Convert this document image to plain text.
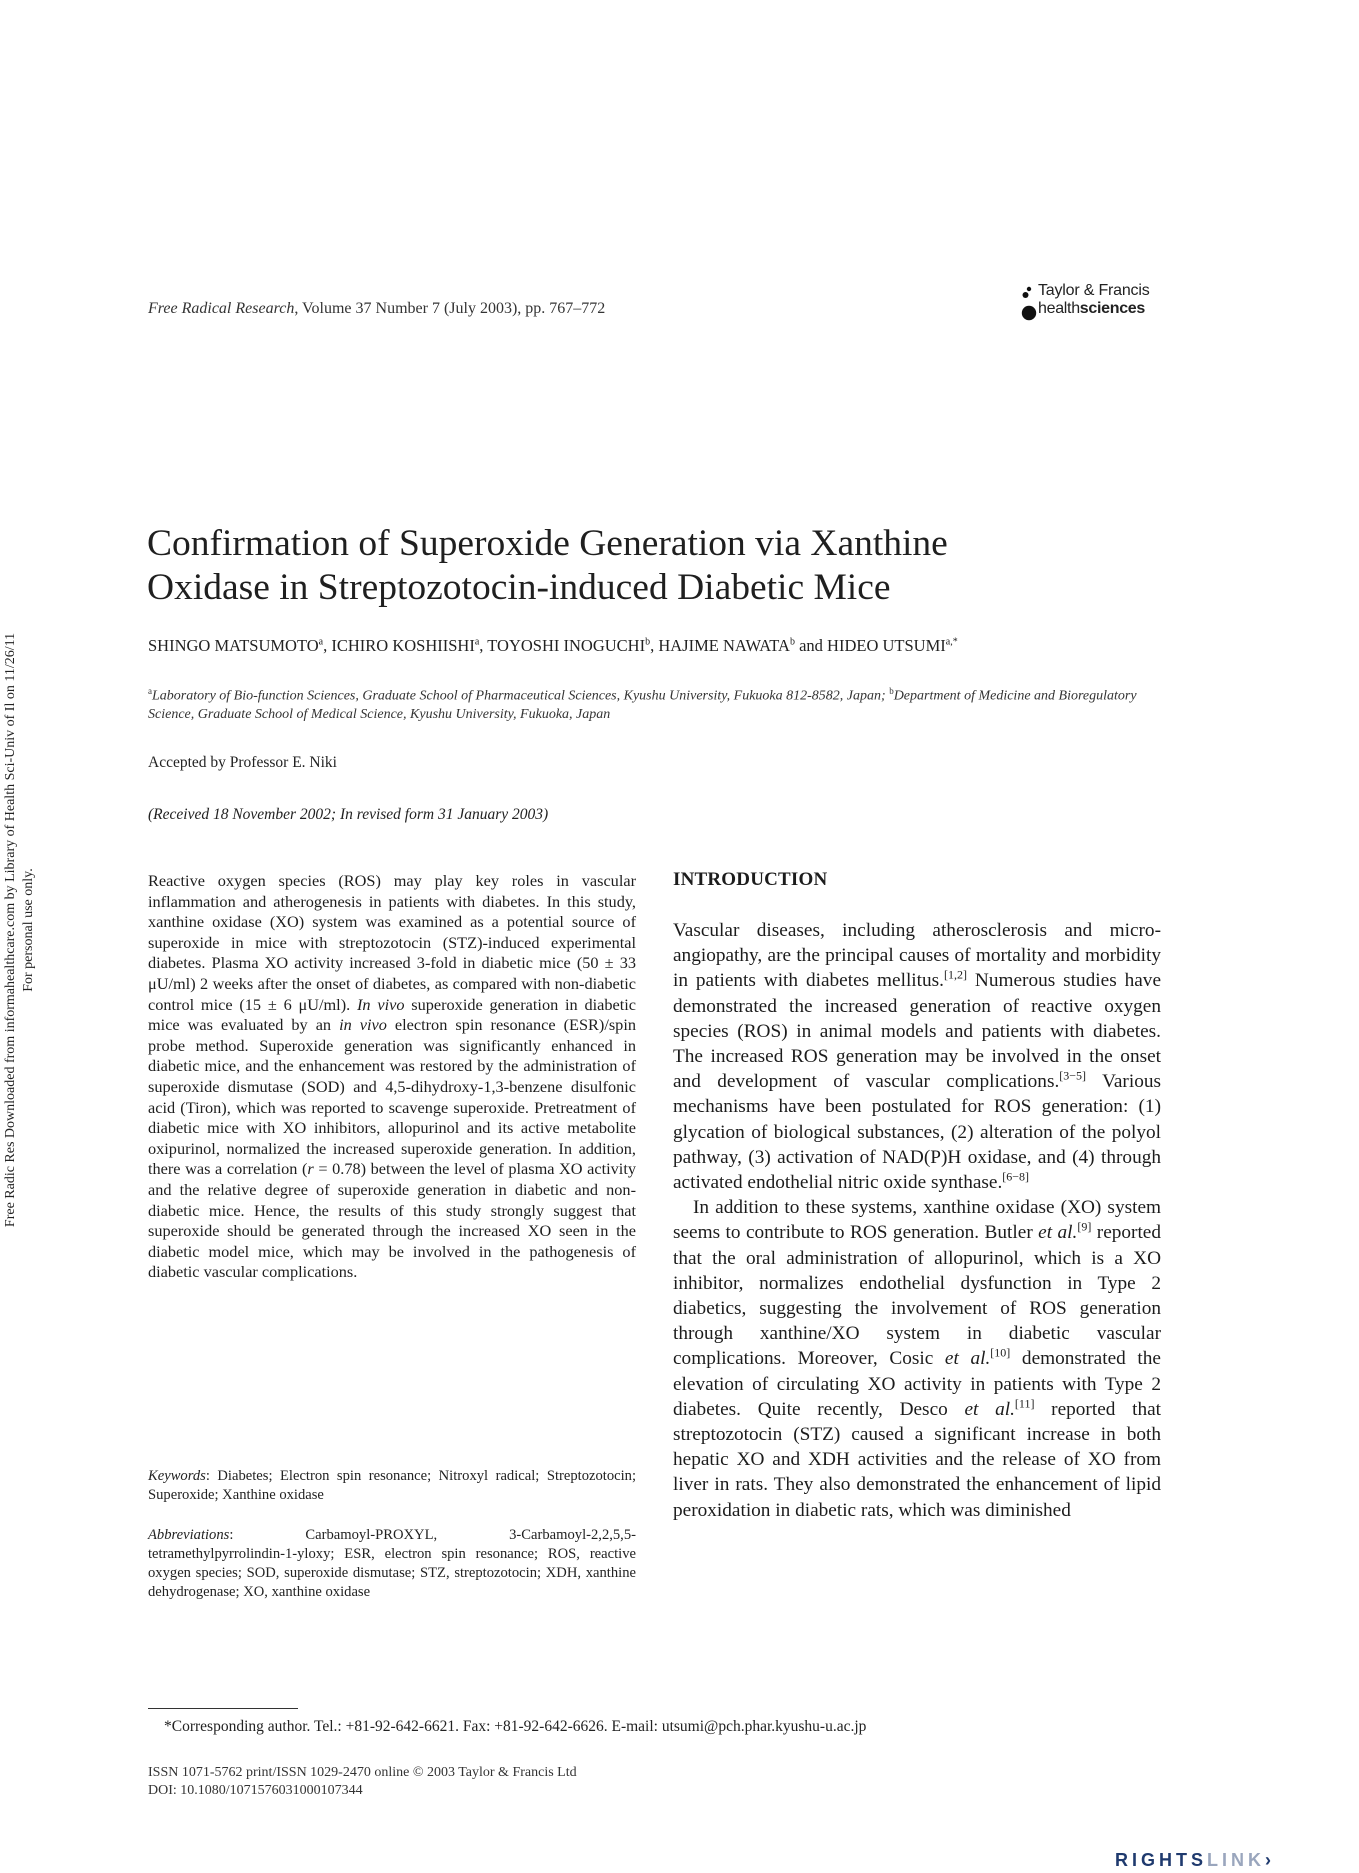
Free Radic Res Downloaded from informahealthcare.com by Library of Health Sci-Univ of Il on 11/26/11 For personal use only.
Free Radical Research, Volume 37 Number 7 (July 2003), pp. 767–772
Taylor & Francis
healthsciences
Confirmation of Superoxide Generation via Xanthine
Oxidase in Streptozotocin-induced Diabetic Mice
SHINGO MATSUMOTO$^a$, ICHIRO KOSHIISHI$^a$, TOYOSHI INOGUCHI$^b$, HAJIME NAWATA$^b$ and HIDEO $UTSUMI^{a,*}$
$^a$Laboratory of Bio-function Sciences, Graduate School of Pharmaceutical Sciences, Kyushu University, Fukuoka 812-8582, Japan; $^b$Department of Medicine and Bioregulatory Science, Graduate School of Medical Science, Kyushu University, Fukuoka, Japan
Accepted by Professor E. Niki
(Received 18 November 2002; In revised form 31 January 2003)

Reactive oxygen species (ROS) may play key roles in vascular inflammation and atherogenesis in patients with diabetes. In this study, xanthine oxidase (XO) system was examined as a potential source of superoxide in mice with streptozotocin (STZ)-induced experimental diabetes. Plasma XO activity increased 3-fold in diabetic mice (50 ± 33 μU/ml) 2 weeks after the onset of diabetes, as compared with non-diabetic control mice (15 ± 6 μU/ml). In vivo superoxide generation in diabetic mice was evaluated by an in vivo electron spin resonance (ESR)/spin probe method. Superoxide generation was significantly enhanced in diabetic mice, and the enhancement was restored by the administration of superoxide dismutase (SOD) and 4,5-dihydroxy-1,3-benzene disulfonic acid (Tiron), which was reported to scavenge superoxide. Pretreatment of diabetic mice with XO inhibitors, allopurinol and its active metabolite oxipurinol, normalized the increased superoxide generation. In addition, there was a correlation (r = 0.78) between the level of plasma XO activity and the relative degree of superoxide generation in diabetic and non-diabetic mice. Hence, the results of this study strongly suggest that superoxide should be generated through the increased XO seen in the diabetic model mice, which may be involved in the pathogenesis of diabetic vascular complications.

Keywords: Diabetes; Electron spin resonance; Nitroxyl radical; Streptozotocin; Superoxide; Xanthine oxidase

Abbreviations: Carbamoyl-PROXYL, 3-Carbamoyl-2,2,5,5-tetramethylpyrrolindin-1-yloxy; ESR, electron spin resonance; ROS, reactive oxygen species; SOD, superoxide dismutase; STZ, streptozotocin; XDH, xanthine dehydrogenase; XO, xanthine oxidase

INTRODUCTION

Vascular diseases, including atherosclerosis and micro-angiopathy, are the principal causes of mortality and morbidity in patients with diabetes mellitus.[1,2] Numerous studies have demonstrated the increased generation of reactive oxygen species (ROS) in animal models and patients with diabetes. The increased ROS generation may be involved in the onset and development of vascular complications.[3−5] Various mechanisms have been postulated for ROS generation: (1) glycation of biological substances, (2) alteration of the polyol pathway, (3) activation of NAD(P)H oxidase, and (4) through activated endothelial nitric oxide synthase.[6−8]

In addition to these systems, xanthine oxidase (XO) system seems to contribute to ROS generation. Butler et al.[9] reported that the oral administration of allopurinol, which is a XO inhibitor, normalizes endothelial dysfunction in Type 2 diabetics, suggesting the involvement of ROS generation through xanthine/XO system in diabetic vascular complications. Moreover, Cosic et al.[10] demonstrated the elevation of circulating XO activity in patients with Type 2 diabetes. Quite recently, Desco et al.[11] reported that streptozotocin (STZ) caused a significant increase in both hepatic XO and XDH activities and the release of XO from liver in rats. They also demonstrated the enhancement of lipid peroxidation in diabetic rats, which was diminished

*Corresponding author. Tel.: +81-92-642-6621. Fax: +81-92-642-6626. E-mail: utsumi@pch.phar.kyushu-u.ac.jp
ISSN 1071-5762 print/ISSN 1029-2470 online © 2003 Taylor & Francis Ltd
DOI: 10.1080/1071576031000107344
RIGHTSLINK›
